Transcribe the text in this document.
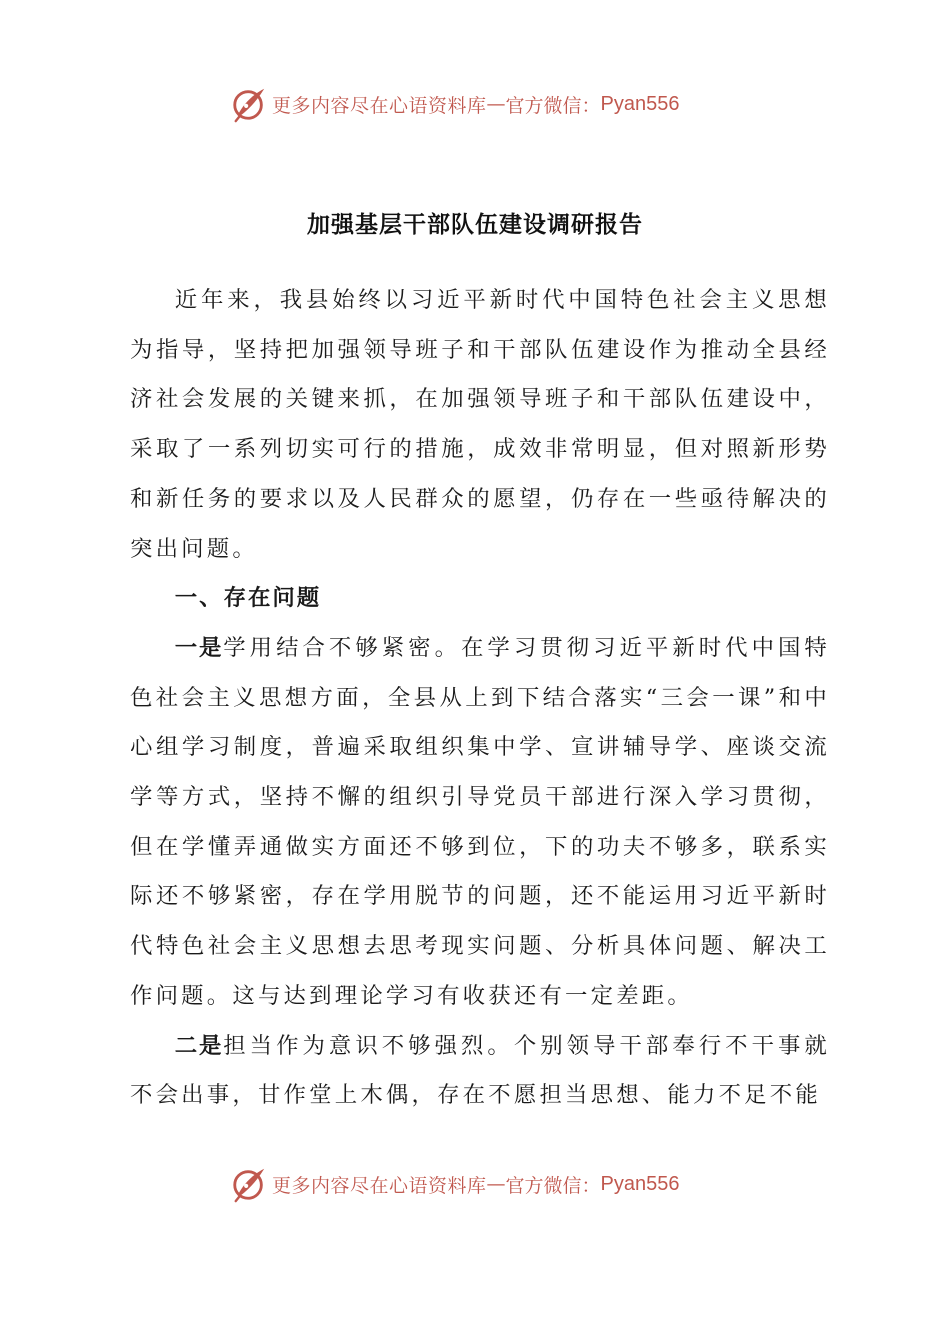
更多内容尽在心语资料库 — 官方微信： Pyan556
加强基层干部队伍建设调研报告

近年来，我县始终以习近平新时代中国特色社会主义思想为指导，坚持把加强领导班子和干部队伍建设作为推动全县经济社会发展的关键来抓，在加强领导班子和干部队伍建设中，采取了一系列切实可行的措施，成效非常明显，但对照新形势和新任务的要求以及人民群众的愿望，仍存在一些亟待解决的突出问题。

一、存在问题

一是学用结合不够紧密。在学习贯彻习近平新时代中国特色社会主义思想方面，全县从上到下结合落实“三会一课”和中心组学习制度，普遍采取组织集中学、宣讲辅导学、座谈交流学等方式，坚持不懈的组织引导党员干部进行深入学习贯彻，但在学懂弄通做实方面还不够到位，下的功夫不够多，联系实际还不够紧密，存在学用脱节的问题，还不能运用习近平新时代特色社会主义思想去思考现实问题、分析具体问题、解决工作问题。这与达到理论学习有收获还有一定差距。

二是担当作为意识不够强烈。个别领导干部奉行不干事就不会出事，甘作堂上木偶，存在不愿担当思想、能力不足不能

更多内容尽在心语资料库 — 官方微信： Pyan556
